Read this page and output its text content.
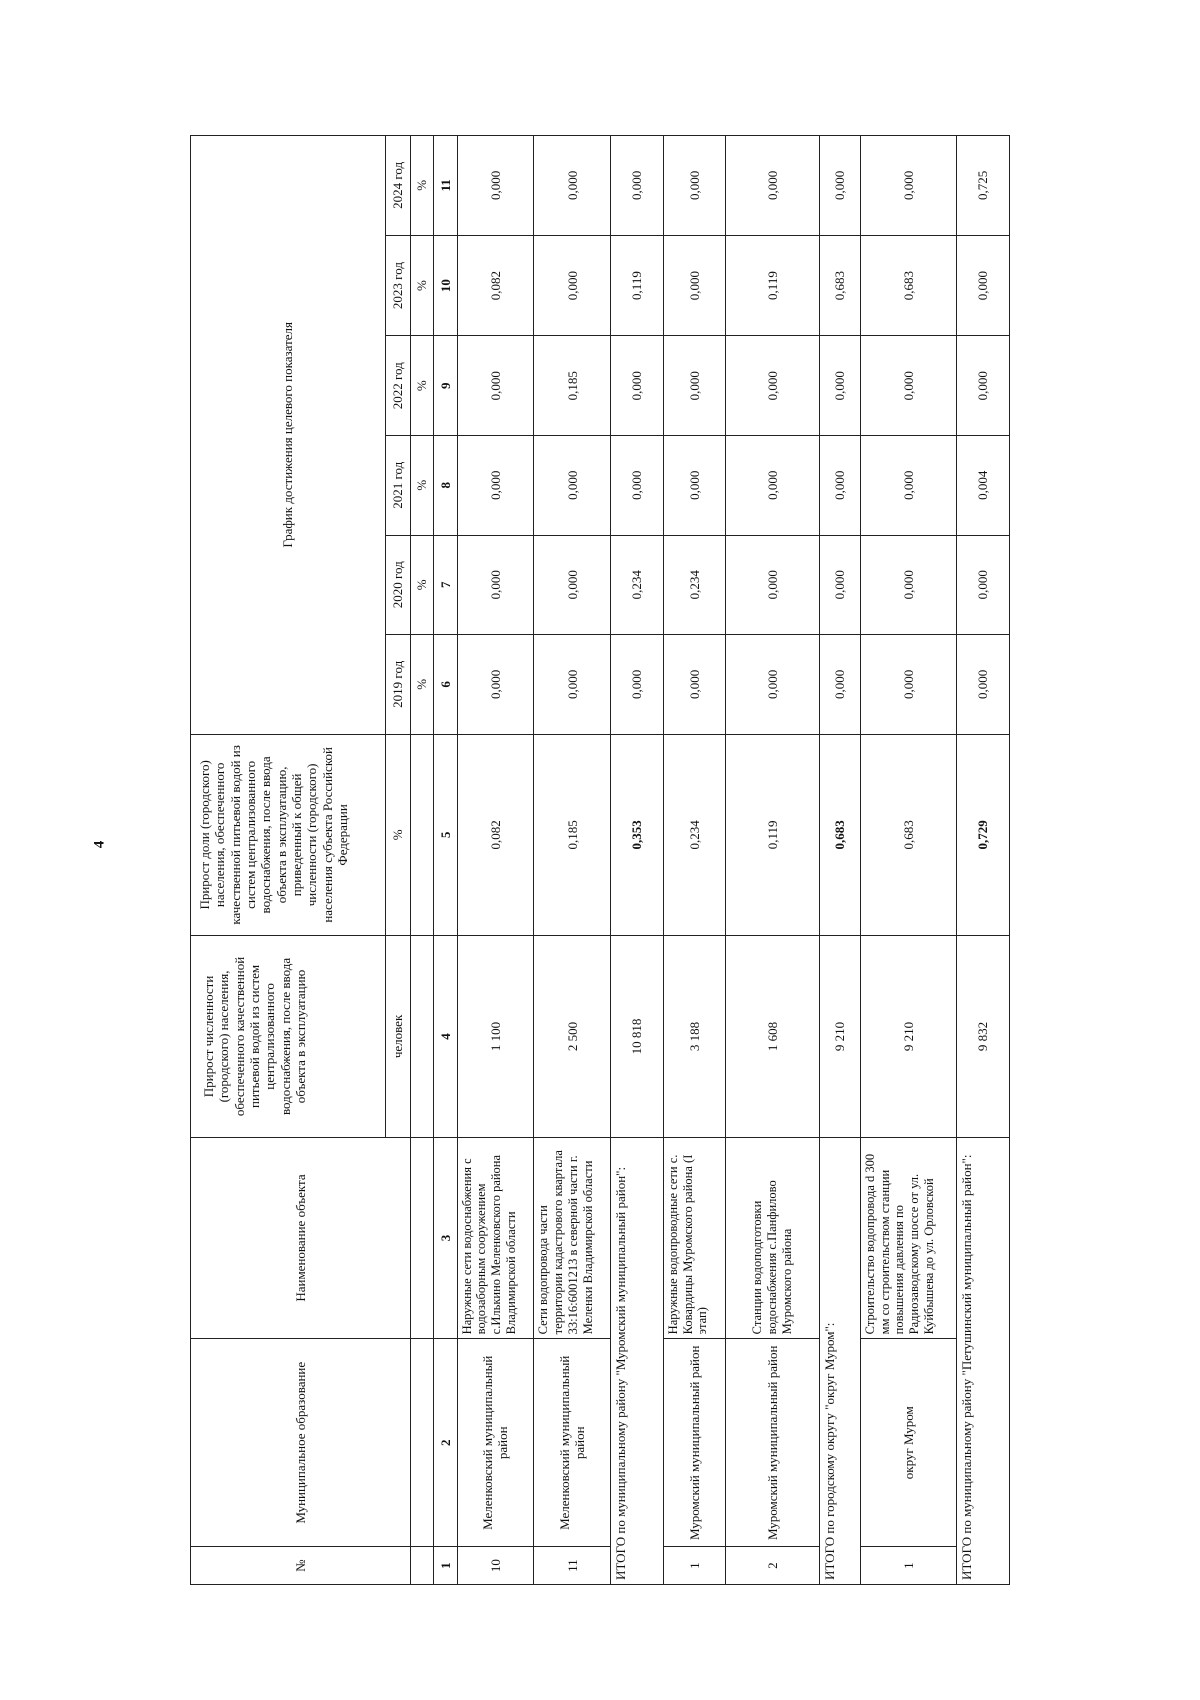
4
№	Муниципальное образование	Наименование объекта	Прирост численности (городского) населения, обеспеченного качественной питьевой водой из систем централизованного водоснабжения, после ввода объекта в эксплуатацию	Прирост доли (городского) населения, обеспеченного качественной питьевой водой из систем централизованного водоснабжения, после ввода объекта в эксплуатацию, приведенный к общей численности (городского) населения субъекта Российской Федерации	График достижения целевого показателя					
			человек	%	2019 год	2020 год	2021 год	2022 год	2023 год	2024 год
					%	%	%	%	%	%
1	2	3	4	5	6	7	8	9	10	11
10	Меленковский муниципальный район	Наружные сети водоснабжения с водозаборным сооружением с.Илькино Меленковского района Владимирской области	1 100	0,082	0,000	0,000	0,000	0,000	0,082	0,000
11	Меленковский муниципальный район	Сети водопровода части территории кадастрового квартала 33:16:6001213 в северной части г. Меленки Владимирской области	2 500	0,185	0,000	0,000	0,000	0,185	0,000	0,000
ИТОГО по муниципальному району "Муромский муниципальный район":			10 818	0,353	0,000	0,234	0,000	0,000	0,119	0,000
1	Муромский муниципальный район	Наружные водопроводные сети с. Ковардицы Муромского района (I этап)	3 188	0,234	0,000	0,234	0,000	0,000	0,000	0,000
2	Муромский муниципальный район	Станции водоподготовки водоснабжения с.Панфилово Муромского района	1 608	0,119	0,000	0,000	0,000	0,000	0,119	0,000
ИТОГО по городскому округу "округ Муром":			9 210	0,683	0,000	0,000	0,000	0,000	0,683	0,000
1	округ Муром	Строительство водопровода d 300 мм со строительством станции повышения давления по Радиозаводскому шоссе от ул. Куйбышева до ул. Орловской	9 210	0,683	0,000	0,000	0,000	0,000	0,683	0,000
ИТОГО по муниципальному району "Петушинский муниципальный район":			9 832	0,729	0,000	0,000	0,004	0,000	0,000	0,725
